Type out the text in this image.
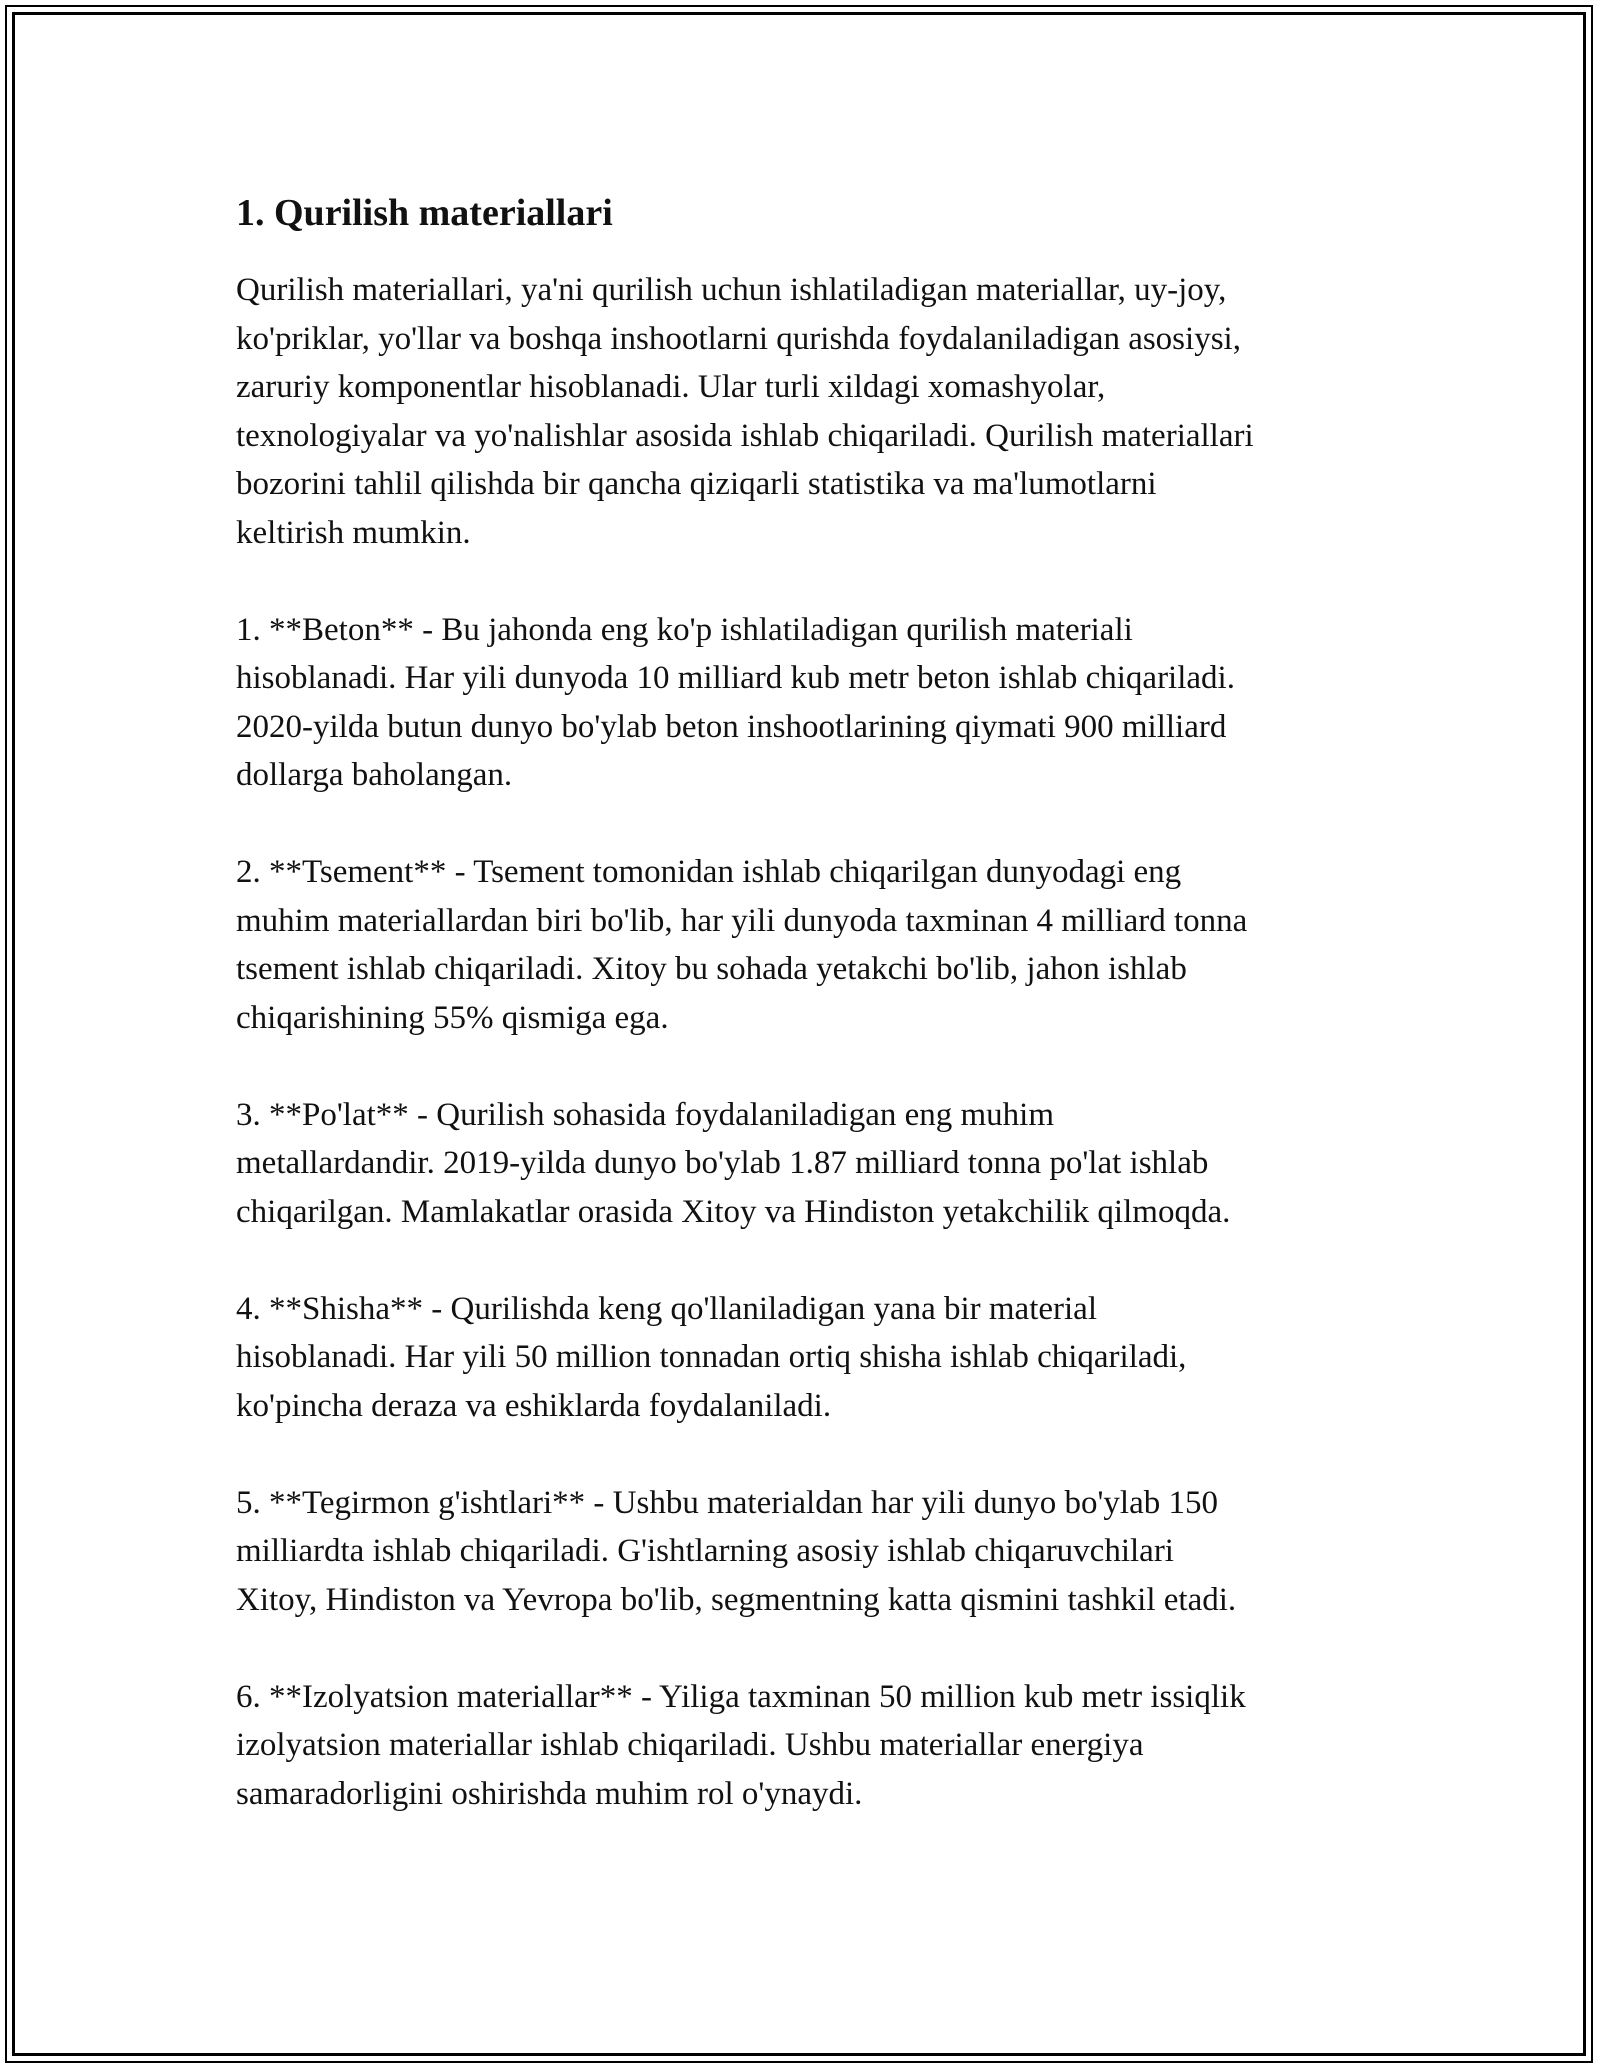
1. Qurilish materiallari
Qurilish materiallari, ya'ni qurilish uchun ishlatiladigan materiallar, uy-joy,
ko'priklar, yo'llar va boshqa inshootlarni qurishda foydalaniladigan asosiysi,
zaruriy komponentlar hisoblanadi. Ular turli xildagi xomashyolar,
texnologiyalar va yo'nalishlar asosida ishlab chiqariladi. Qurilish materiallari
bozorini tahlil qilishda bir qancha qiziqarli statistika va ma'lumotlarni
keltirish mumkin.
1. **Beton** - Bu jahonda eng ko'p ishlatiladigan qurilish materiali
hisoblanadi. Har yili dunyoda 10 milliard kub metr beton ishlab chiqariladi.
2020-yilda butun dunyo bo'ylab beton inshootlarining qiymati 900 milliard
dollarga baholangan.
2. **Tsement** - Tsement tomonidan ishlab chiqarilgan dunyodagi eng
muhim materiallardan biri bo'lib, har yili dunyoda taxminan 4 milliard tonna
tsement ishlab chiqariladi. Xitoy bu sohada yetakchi bo'lib, jahon ishlab
chiqarishining 55% qismiga ega.
3. **Po'lat** - Qurilish sohasida foydalaniladigan eng muhim
metallardandir. 2019-yilda dunyo bo'ylab 1.87 milliard tonna po'lat ishlab
chiqarilgan. Mamlakatlar orasida Xitoy va Hindiston yetakchilik qilmoqda.
4. **Shisha** - Qurilishda keng qo'llaniladigan yana bir material
hisoblanadi. Har yili 50 million tonnadan ortiq shisha ishlab chiqariladi,
ko'pincha deraza va eshiklarda foydalaniladi.
5. **Tegirmon g'ishtlari** - Ushbu materialdan har yili dunyo bo'ylab 150
milliardta ishlab chiqariladi. G'ishtlarning asosiy ishlab chiqaruvchilari
Xitoy, Hindiston va Yevropa bo'lib, segmentning katta qismini tashkil etadi.
6. **Izolyatsion materiallar** - Yiliga taxminan 50 million kub metr issiqlik
izolyatsion materiallar ishlab chiqariladi. Ushbu materiallar energiya
samaradorligini oshirishda muhim rol o'ynaydi.
